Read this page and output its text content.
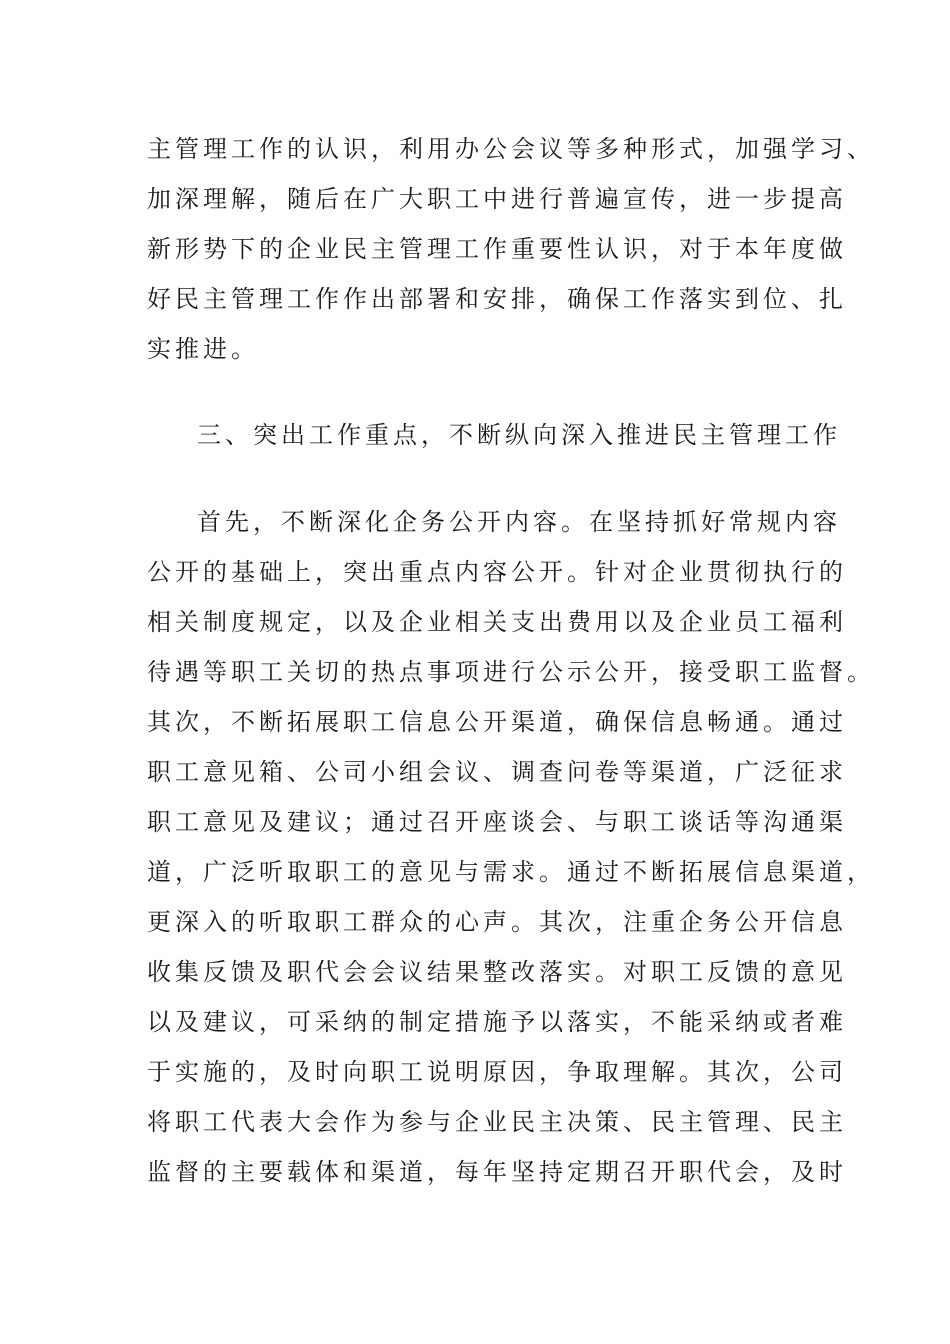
主管理工作的认识，利用办公会议等多种形式，加强学习、
加深理解，随后在广大职工中进行普遍宣传，进一步提高
新形势下的企业民主管理工作重要性认识，对于本年度做
好民主管理工作作出部署和安排，确保工作落实到位、扎
实推进。
三、突出工作重点，不断纵向深入推进民主管理工作
首先，不断深化企务公开内容。在坚持抓好常规内容
公开的基础上，突出重点内容公开。针对企业贯彻执行的
相关制度规定，以及企业相关支出费用以及企业员工福利
待遇等职工关切的热点事项进行公示公开，接受职工监督。
其次，不断拓展职工信息公开渠道，确保信息畅通。通过
职工意见箱、公司小组会议、调查问卷等渠道，广泛征求
职工意见及建议；通过召开座谈会、与职工谈话等沟通渠
道，广泛听取职工的意见与需求。通过不断拓展信息渠道，
更深入的听取职工群众的心声。其次，注重企务公开信息
收集反馈及职代会会议结果整改落实。对职工反馈的意见
以及建议，可采纳的制定措施予以落实，不能采纳或者难
于实施的，及时向职工说明原因，争取理解。其次，公司
将职工代表大会作为参与企业民主决策、民主管理、民主
监督的主要载体和渠道，每年坚持定期召开职代会，及时
